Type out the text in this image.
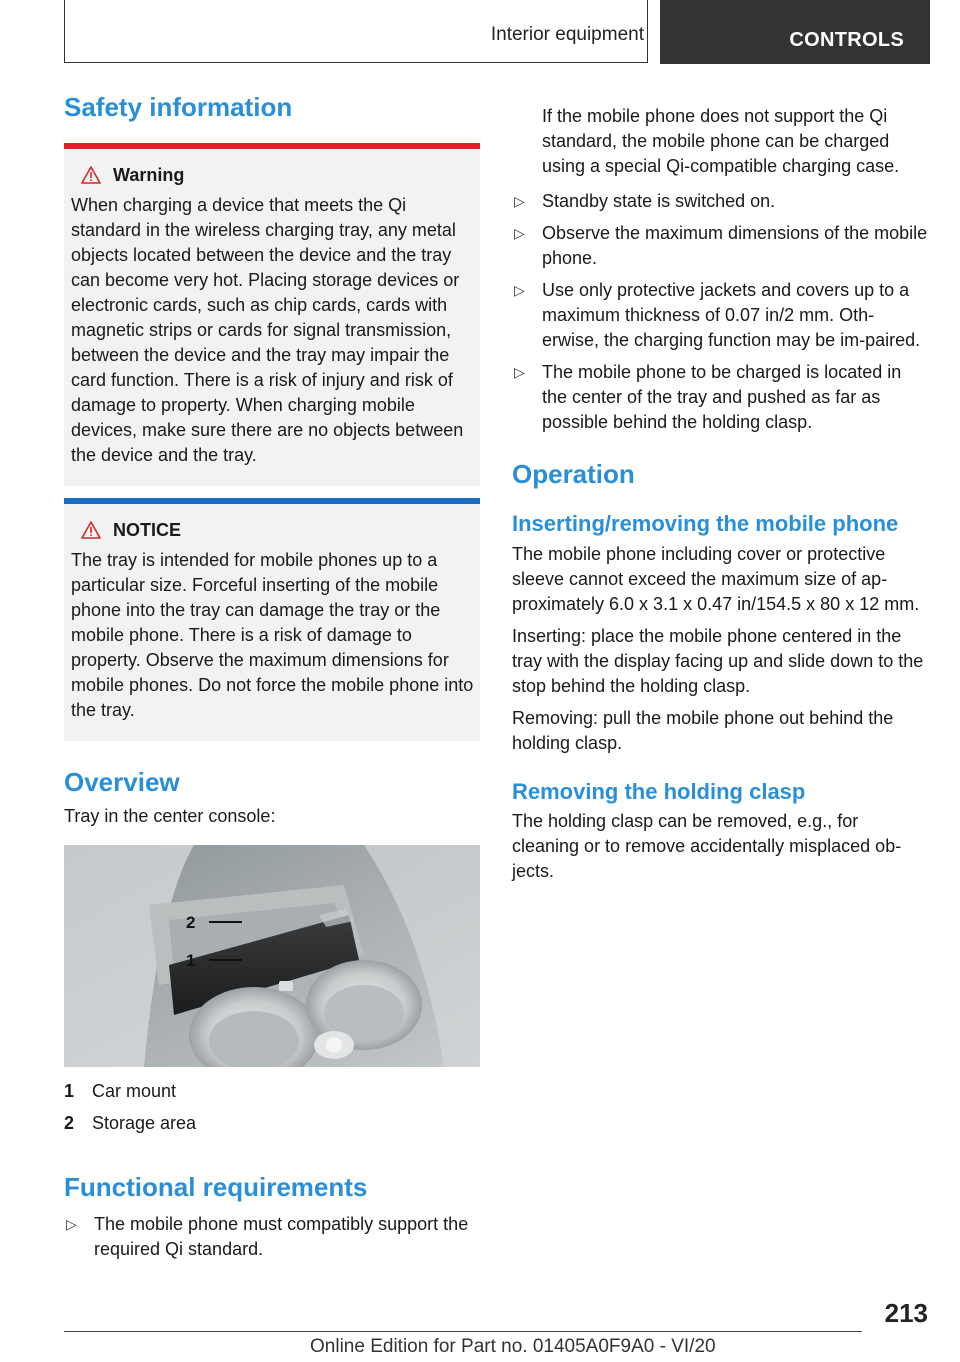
Interior equipment	CONTROLS
Safety information
Warning

When charging a device that meets the Qi standard in the wireless charging tray, any metal objects located between the device and the tray can become very hot. Placing storage devices or electronic cards, such as chip cards, cards with magnetic strips or cards for signal transmission, between the device and the tray may impair the card function. There is a risk of injury and risk of damage to property. When charging mobile devices, make sure there are no objects between the device and the tray.

NOTICE

The tray is intended for mobile phones up to a particular size. Forceful inserting of the mobile phone into the tray can damage the tray or the mobile phone. There is a risk of damage to property. Observe the maximum dimensions for mobile phones. Do not force the mobile phone into the tray.

Overview

Tray in the center console:

2
1
1 Car mount
2 Storage area
Functional requirements
▷ The mobile phone must compatibly support the required Qi standard.

If the mobile phone does not support the Qi standard, the mobile phone can be charged using a special Qi-compatible charging case.

▷ Standby state is switched on.
▷ Observe the maximum dimensions of the mobile phone.
▷ Use only protective jackets and covers up to a maximum thickness of 0.07 in/2 mm. Oth-erwise, the charging function may be im-paired.
▷ The mobile phone to be charged is located in the center of the tray and pushed as far as possible behind the holding clasp.
Operation
Inserting/removing the mobile phone

The mobile phone including cover or protective sleeve cannot exceed the maximum size of ap-proximately 6.0 x 3.1 x 0.47 in/154.5 x 80 x 12 mm.

Inserting: place the mobile phone centered in the tray with the display facing up and slide down to the stop behind the holding clasp.

Removing: pull the mobile phone out behind the holding clasp.

Removing the holding clasp

The holding clasp can be removed, e.g., for cleaning or to remove accidentally misplaced ob-jects.

213
Online Edition for Part no. 01405A0F9A0 - VI/20
